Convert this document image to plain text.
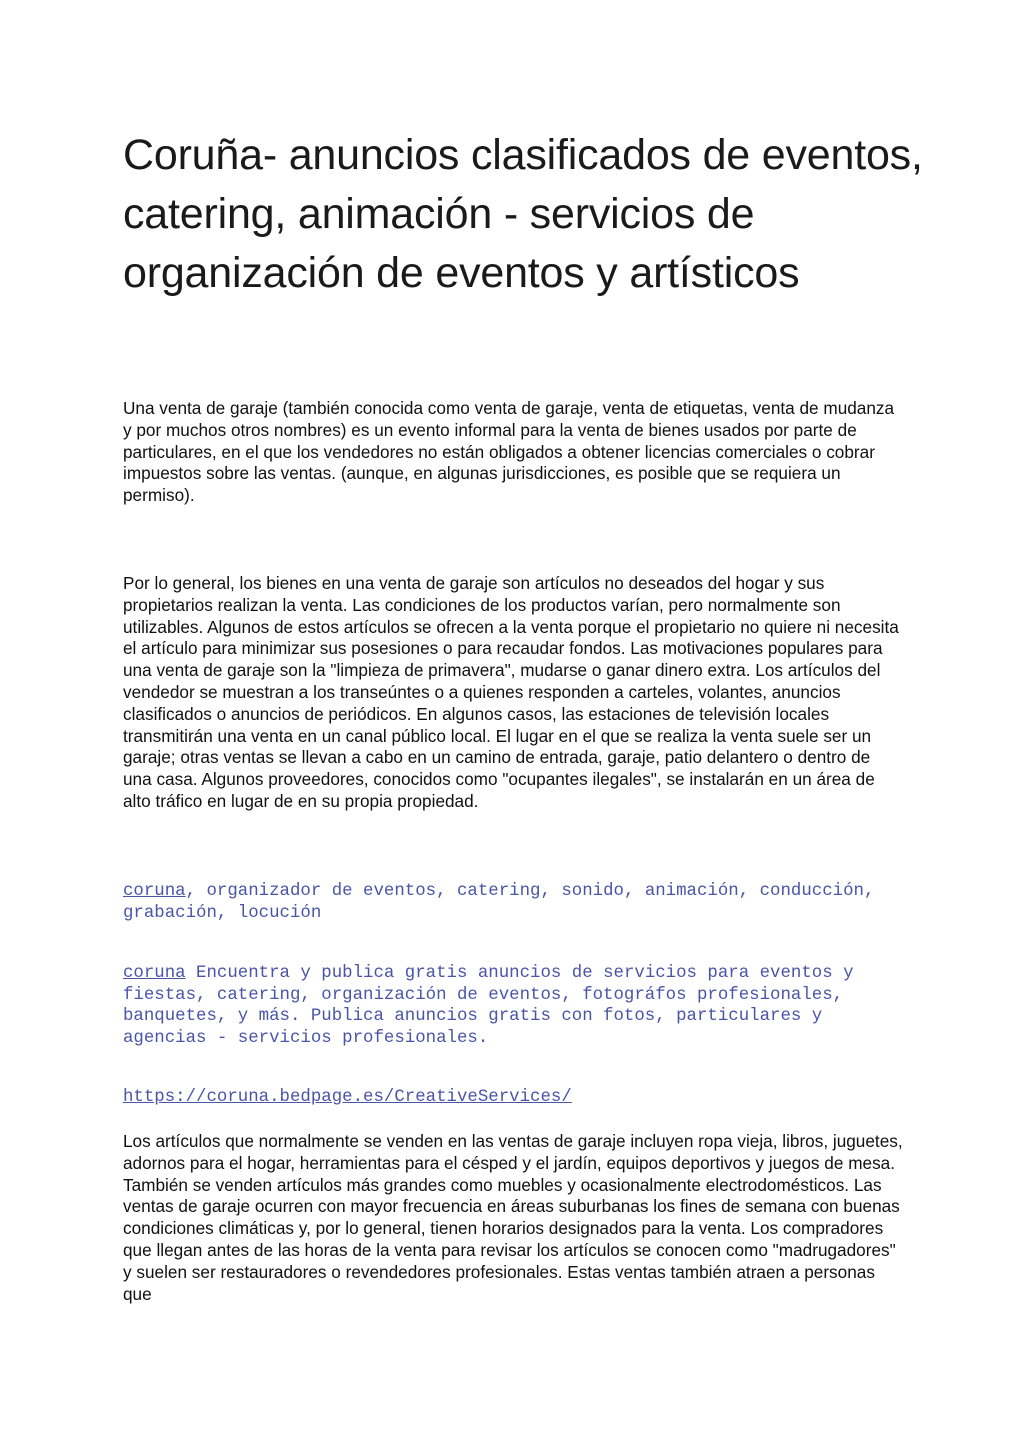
Coruña- anuncios clasificados de eventos, catering, animación - servicios de organización de eventos y artísticos

Una venta de garaje (también conocida como venta de garaje, venta de etiquetas, venta de mudanza y por muchos otros nombres) es un evento informal para la venta de bienes usados por parte de particulares, en el que los vendedores no están obligados a obtener licencias comerciales o cobrar impuestos sobre las ventas. (aunque, en algunas jurisdicciones, es posible que se requiera un permiso).

Por lo general, los bienes en una venta de garaje son artículos no deseados del hogar y sus propietarios realizan la venta. Las condiciones de los productos varían, pero normalmente son utilizables. Algunos de estos artículos se ofrecen a la venta porque el propietario no quiere ni necesita el artículo para minimizar sus posesiones o para recaudar fondos. Las motivaciones populares para una venta de garaje son la "limpieza de primavera", mudarse o ganar dinero extra. Los artículos del vendedor se muestran a los transeúntes o a quienes responden a carteles, volantes, anuncios clasificados o anuncios de periódicos. En algunos casos, las estaciones de televisión locales transmitirán una venta en un canal público local. El lugar en el que se realiza la venta suele ser un garaje; otras ventas se llevan a cabo en un camino de entrada, garaje, patio delantero o dentro de una casa. Algunos proveedores, conocidos como "ocupantes ilegales", se instalarán en un área de alto tráfico en lugar de en su propia propiedad.

coruna, organizador de eventos, catering, sonido, animación, conducción, grabación, locución

coruna Encuentra y publica gratis anuncios de servicios para eventos y fiestas, catering, organización de eventos, fotográfos profesionales, banquetes, y más. Publica anuncios gratis con fotos, particulares y agencias - servicios profesionales.

https://coruna.bedpage.es/CreativeServices/

Los artículos que normalmente se venden en las ventas de garaje incluyen ropa vieja, libros, juguetes, adornos para el hogar, herramientas para el césped y el jardín, equipos deportivos y juegos de mesa. También se venden artículos más grandes como muebles y ocasionalmente electrodomésticos. Las ventas de garaje ocurren con mayor frecuencia en áreas suburbanas los fines de semana con buenas condiciones climáticas y, por lo general, tienen horarios designados para la venta. Los compradores que llegan antes de las horas de la venta para revisar los artículos se conocen como "madrugadores" y suelen ser restauradores o revendedores profesionales. Estas ventas también atraen a personas que
